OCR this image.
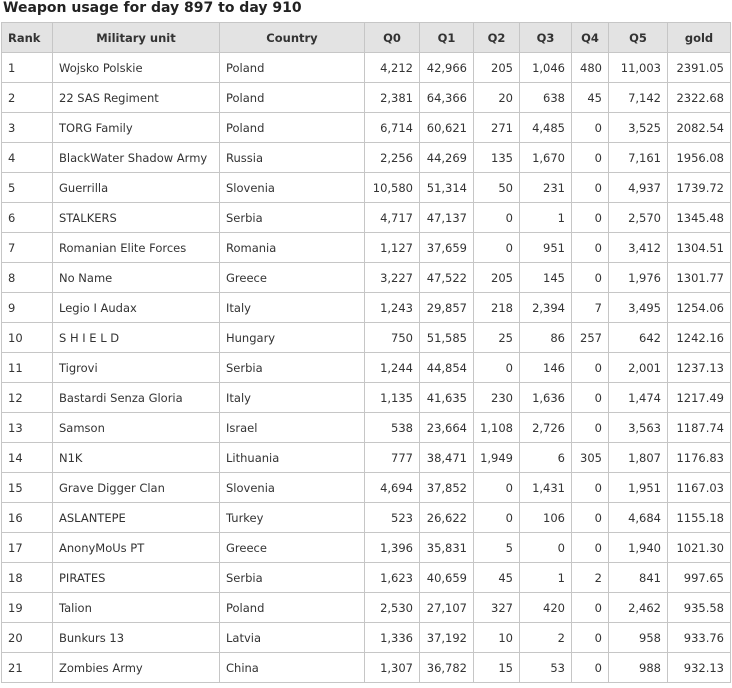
Weapon usage for day 897 to day 910
Rank	Military unit	Country	Q0	Q1	Q2	Q3	Q4	Q5	gold
1	Wojsko Polskie	Poland	4,212	42,966	205	1,046	480	11,003	2391.05
2	22 SAS Regiment	Poland	2,381	64,366	20	638	45	7,142	2322.68
3	TORG Family	Poland	6,714	60,621	271	4,485	0	3,525	2082.54
4	BlackWater Shadow Army	Russia	2,256	44,269	135	1,670	0	7,161	1956.08
5	Guerrilla	Slovenia	10,580	51,314	50	231	0	4,937	1739.72
6	STALKERS	Serbia	4,717	47,137	0	1	0	2,570	1345.48
7	Romanian Elite Forces	Romania	1,127	37,659	0	951	0	3,412	1304.51
8	No Name	Greece	3,227	47,522	205	145	0	1,976	1301.77
9	Legio I Audax	Italy	1,243	29,857	218	2,394	7	3,495	1254.06
10	S H I E L D	Hungary	750	51,585	25	86	257	642	1242.16
11	Tigrovi	Serbia	1,244	44,854	0	146	0	2,001	1237.13
12	Bastardi Senza Gloria	Italy	1,135	41,635	230	1,636	0	1,474	1217.49
13	Samson	Israel	538	23,664	1,108	2,726	0	3,563	1187.74
14	N1K	Lithuania	777	38,471	1,949	6	305	1,807	1176.83
15	Grave Digger Clan	Slovenia	4,694	37,852	0	1,431	0	1,951	1167.03
16	ASLANTEPE	Turkey	523	26,622	0	106	0	4,684	1155.18
17	AnonyMoUs PT	Greece	1,396	35,831	5	0	0	1,940	1021.30
18	PIRATES	Serbia	1,623	40,659	45	1	2	841	997.65
19	Talion	Poland	2,530	27,107	327	420	0	2,462	935.58
20	Bunkurs 13	Latvia	1,336	37,192	10	2	0	958	933.76
21	Zombies Army	China	1,307	36,782	15	53	0	988	932.13
